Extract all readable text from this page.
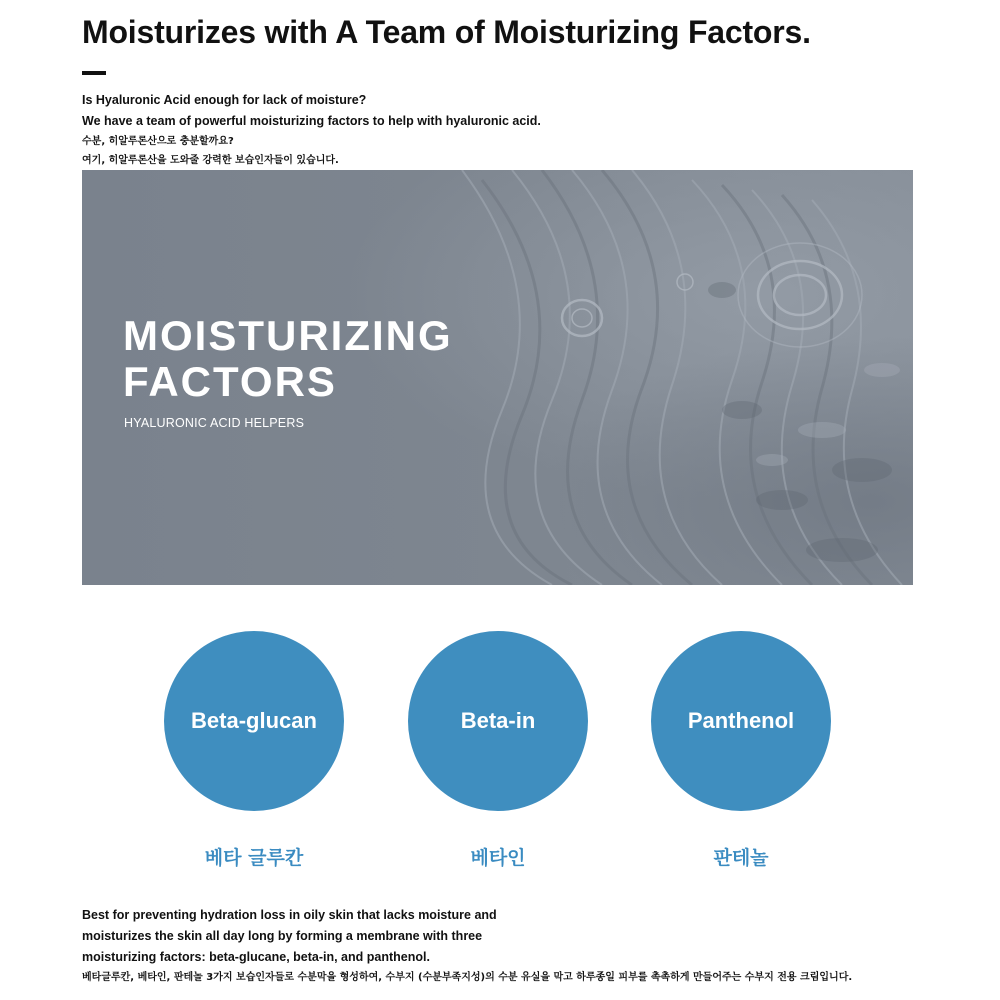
Moisturizes with A Team of Moisturizing Factors.
Is Hyaluronic Acid enough for lack of moisture?
We have a team of powerful moisturizing factors to help with hyaluronic acid.
수분, 히알루론산으로 충분할까요?
여기, 히알루론산을 도와줄 강력한 보습인자들이 있습니다.
MOISTURIZING
FACTORS
HYALURONIC ACID HELPERS
Beta-glucan	Beta-in	Panthenol
베타 글루칸	베타인	판테놀
Best for preventing hydration loss in oily skin that lacks moisture and
moisturizes the skin all day long by forming a membrane with three
moisturizing factors: beta-glucane, beta-in, and panthenol.
베타글루칸, 베타인, 판테놀 3가지 보습인자들로 수분막을 형성하여, 수부지 (수분부족지성)의 수분 유실을 막고 하루종일 피부를 촉촉하게 만들어주는 수부지 전용 크림입니다.
